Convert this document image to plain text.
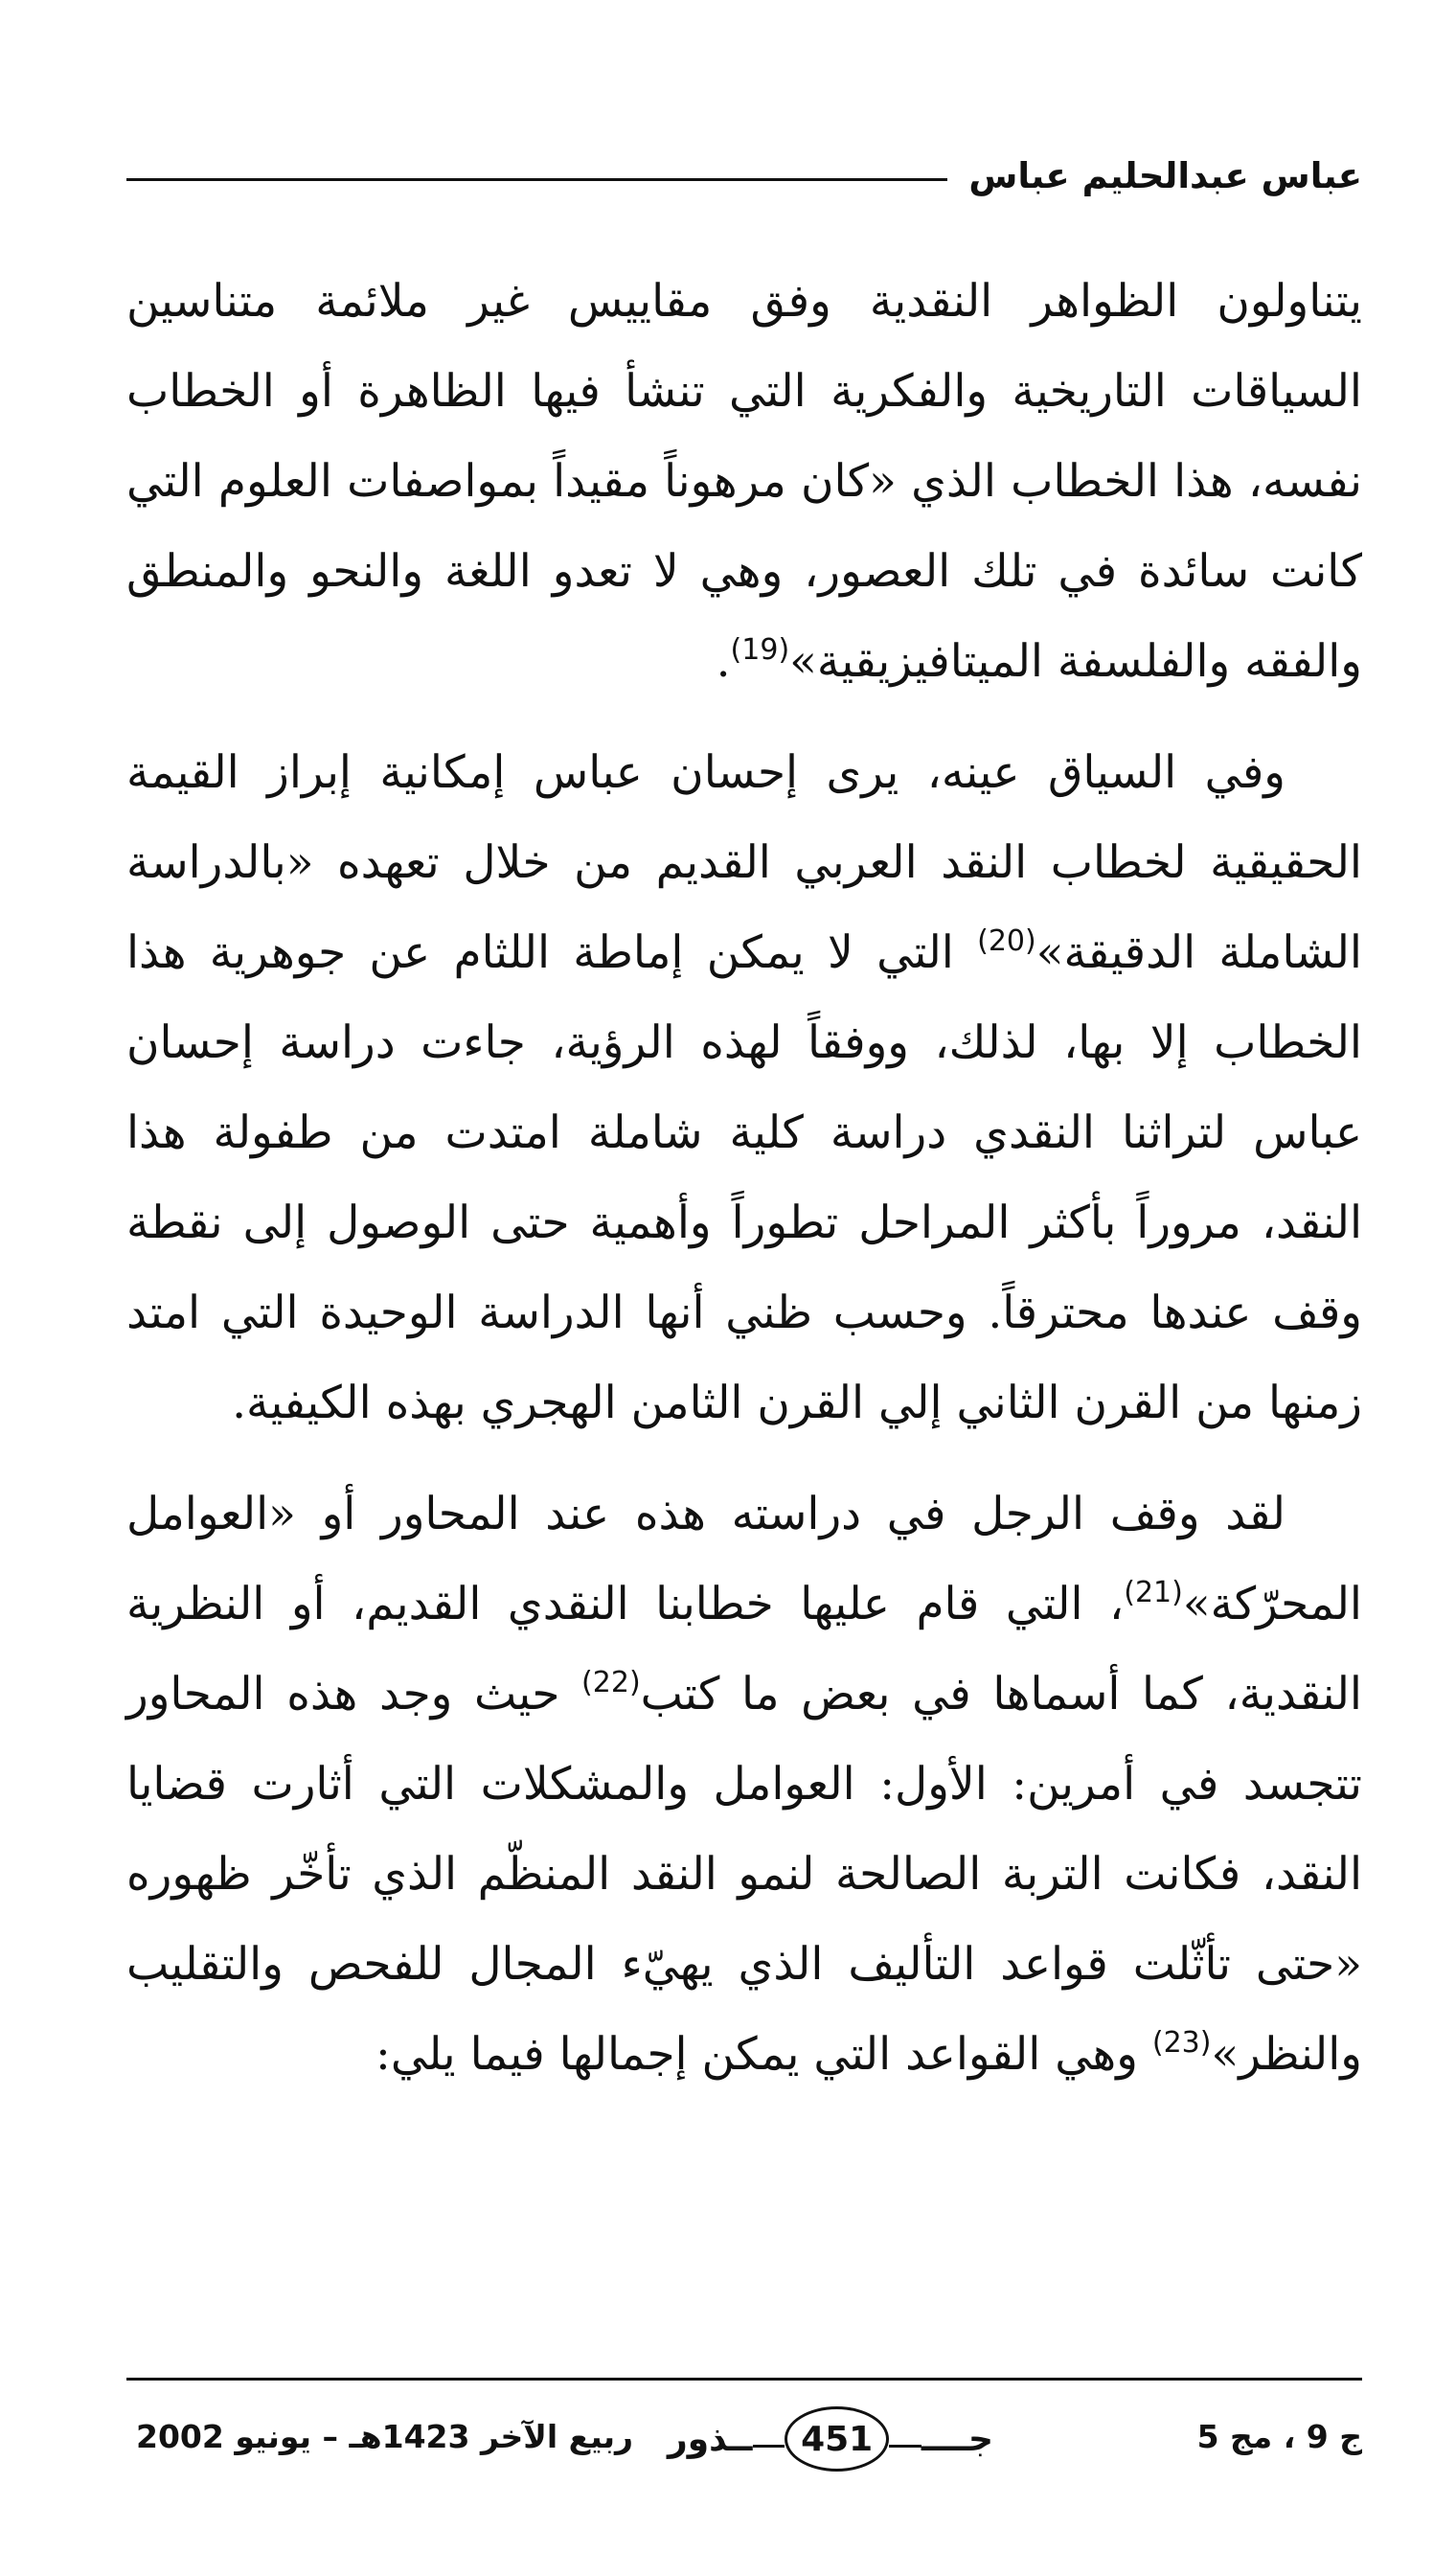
عباس عبدالحليم عباس

يتناولون الظواهر النقدية وفق مقاييس غير ملائمة متناسين السياقات التاريخية والفكرية التي تنشأ فيها الظاهرة أو الخطاب نفسه، هذا الخطاب الذي «كان مرهوناً مقيداً بمواصفات العلوم التي كانت سائدة في تلك العصور، وهي لا تعدو اللغة والنحو والمنطق والفقه والفلسفة الميتافيزيقية»$^{(19)}$.

وفي السياق عينه، يرى إحسان عباس إمكانية إبراز القيمة الحقيقية لخطاب النقد العربي القديم من خلال تعهده «بالدراسة الشاملة الدقيقة»$^{(20)}$ التي لا يمكن إماطة اللثام عن جوهرية هذا الخطاب إلا بها، لذلك، ووفقاً لهذه الرؤية، جاءت دراسة إحسان عباس لتراثنا النقدي دراسة كلية شاملة امتدت من طفولة هذا النقد، مروراً بأكثر المراحل تطوراً وأهمية حتى الوصول إلى نقطة وقف عندها محترقاً. وحسب ظني أنها الدراسة الوحيدة التي امتد زمنها من القرن الثاني إلي القرن الثامن الهجري بهذه الكيفية.

لقد وقف الرجل في دراسته هذه عند المحاور أو «العوامل المحرّكة»$^{(21)}$، التي قام عليها خطابنا النقدي القديم، أو النظرية النقدية، كما أسماها في بعض ما كتب$^{(22)}$ حيث وجد هذه المحاور تتجسد في أمرين: الأول: العوامل والمشكلات التي أثارت قضايا النقد، فكانت التربة الصالحة لنمو النقد المنظّم الذي تأخّر ظهوره «حتى تأثّلت قواعد التأليف الذي يهيّء المجال للفحص والتقليب والنظر»$^{(23)}$ وهي القواعد التي يمكن إجمالها فيما يلي:

ج 9 ، مج 5
جــــ
451
ــذور
ربيع الآخر 1423هـ – يونيو 2002
